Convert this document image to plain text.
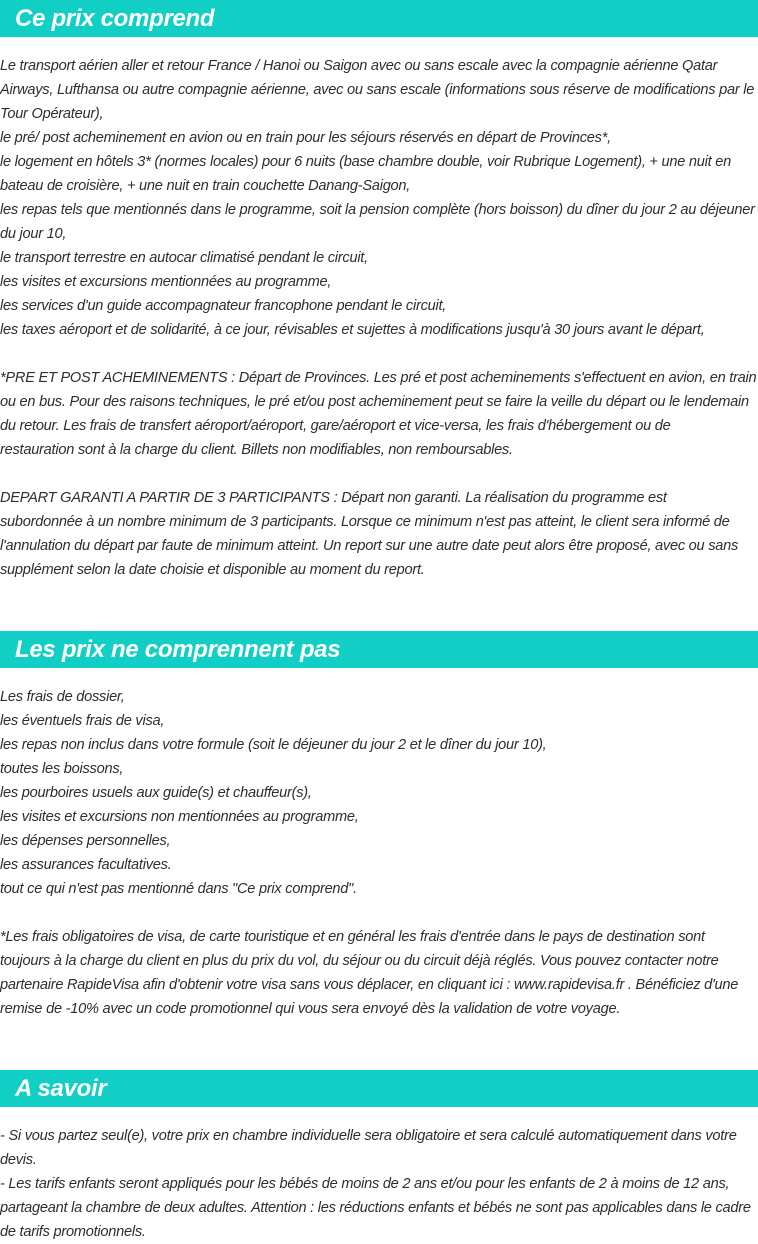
Ce prix comprend
Le transport aérien aller et retour France / Hanoi ou Saigon avec ou sans escale avec la compagnie aérienne Qatar
Airways, Lufthansa ou autre compagnie aérienne, avec ou sans escale (informations sous réserve de modifications par le
Tour Opérateur),
le pré/ post acheminement en avion ou en train pour les séjours réservés en départ de Provinces*,
le logement en hôtels 3* (normes locales) pour 6 nuits (base chambre double, voir Rubrique Logement), + une nuit en
bateau de croisière, + une nuit en train couchette Danang-Saigon,
les repas tels que mentionnés dans le programme, soit la pension complète (hors boisson) du dîner du jour 2 au déjeuner
du jour 10,
le transport terrestre en autocar climatisé pendant le circuit,
les visites et excursions mentionnées au programme,
les services d'un guide accompagnateur francophone pendant le circuit,
les taxes aéroport et de solidarité, à ce jour, révisables et sujettes à modifications jusqu'à 30 jours avant le départ,
*PRE ET POST ACHEMINEMENTS : Départ de Provinces. Les pré et post acheminements s'effectuent en avion, en train
ou en bus. Pour des raisons techniques, le pré et/ou post acheminement peut se faire la veille du départ ou le lendemain
du retour. Les frais de transfert aéroport/aéroport, gare/aéroport et vice-versa, les frais d'hébergement ou de
restauration sont à la charge du client. Billets non modifiables, non remboursables.
DEPART GARANTI A PARTIR DE 3 PARTICIPANTS : Départ non garanti. La réalisation du programme est
subordonnée à un nombre minimum de 3 participants. Lorsque ce minimum n'est pas atteint, le client sera informé de
l'annulation du départ par faute de minimum atteint. Un report sur une autre date peut alors être proposé, avec ou sans
supplément selon la date choisie et disponible au moment du report.
Les prix ne comprennent pas
Les frais de dossier,
les éventuels frais de visa,
les repas non inclus dans votre formule (soit le déjeuner du jour 2 et le dîner du jour 10),
toutes les boissons,
les pourboires usuels aux guide(s) et chauffeur(s),
les visites et excursions non mentionnées au programme,
les dépenses personnelles,
les assurances facultatives.
tout ce qui n'est pas mentionné dans "Ce prix comprend".
*Les frais obligatoires de visa, de carte touristique et en général les frais d'entrée dans le pays de destination sont
toujours à la charge du client en plus du prix du vol, du séjour ou du circuit déjà réglés. Vous pouvez contacter notre
partenaire RapideVisa afin d'obtenir votre visa sans vous déplacer, en cliquant ici : www.rapidevisa.fr . Bénéficiez d'une
remise de -10% avec un code promotionnel qui vous sera envoyé dès la validation de votre voyage.
A savoir
- Si vous partez seul(e), votre prix en chambre individuelle sera obligatoire et sera calculé automatiquement dans votre
devis.
- Les tarifs enfants seront appliqués pour les bébés de moins de 2 ans et/ou pour les enfants de 2 à moins de 12 ans,
partageant la chambre de deux adultes. Attention : les réductions enfants et bébés ne sont pas applicables dans le cadre
de tarifs promotionnels.
